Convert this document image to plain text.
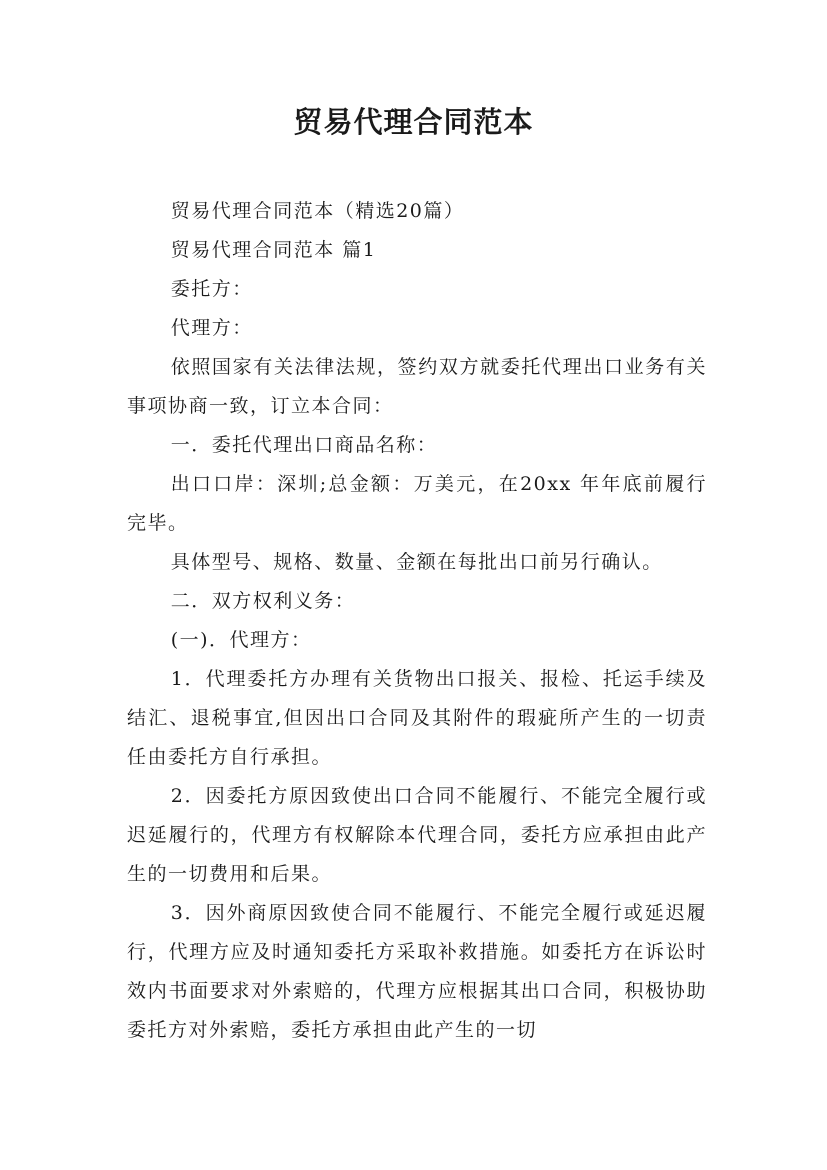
贸易代理合同范本

贸易代理合同范本（精选20篇）

贸易代理合同范本 篇1

委托方：

代理方：

依照国家有关法律法规，签约双方就委托代理出口业务有关事项协商一致，订立本合同：

一．委托代理出口商品名称：

出口口岸：深圳;总金额：万美元，在20xx 年年底前履行完毕。

具体型号、规格、数量、金额在每批出口前另行确认。

二．双方权利义务：

(一)．代理方：

1．代理委托方办理有关货物出口报关、报检、托运手续及结汇、退税事宜,但因出口合同及其附件的瑕疵所产生的一切责任由委托方自行承担。

2．因委托方原因致使出口合同不能履行、不能完全履行或迟延履行的，代理方有权解除本代理合同，委托方应承担由此产生的一切费用和后果。

3．因外商原因致使合同不能履行、不能完全履行或延迟履行，代理方应及时通知委托方采取补救措施。如委托方在诉讼时效内书面要求对外索赔的，代理方应根据其出口合同，积极协助委托方对外索赔，委托方承担由此产生的一切
